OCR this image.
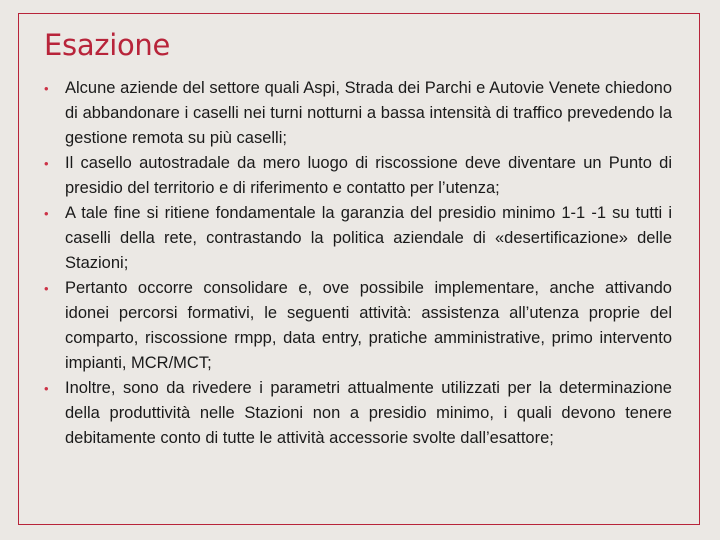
Esazione
• Alcune aziende del settore quali Aspi, Strada dei Parchi e Autovie Venete chiedono di abbandonare i caselli nei turni notturni a bassa intensità di traffico prevedendo la gestione remota su più caselli;
• Il casello autostradale da mero luogo di riscossione deve diventare un Punto di presidio del territorio e di riferimento e contatto per l’utenza;
• A tale fine si ritiene fondamentale la garanzia del presidio minimo 1-1 -1 su tutti i caselli della rete, contrastando la politica aziendale di «desertificazione» delle Stazioni;
• Pertanto occorre consolidare e, ove possibile implementare, anche attivando idonei percorsi formativi, le seguenti attività: assistenza all’utenza proprie del comparto, riscossione rmpp, data entry, pratiche amministrative, primo intervento impianti, MCR/MCT;
• Inoltre, sono da rivedere i parametri attualmente utilizzati per la determinazione della produttività nelle Stazioni non a presidio minimo, i quali devono tenere debitamente conto di tutte le attività accessorie svolte dall’esattore;
